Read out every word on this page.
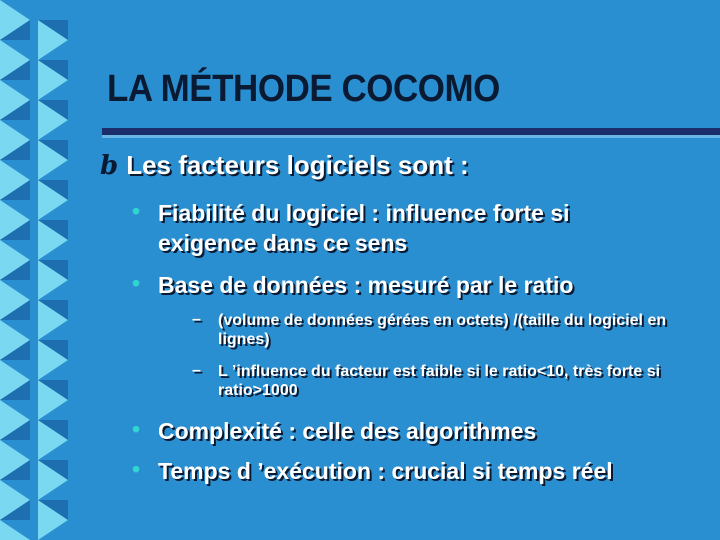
LA MÉTHODE COCOMO
b Les facteurs logiciels sont :
• Fiabilité du logiciel : influence forte si exigence dans ce sens
• Base de données : mesuré par le ratio
–	(volume de données gérées en octets) /(taille du logiciel en lignes)
–	L ’influence du facteur est faible si le ratio<10, très forte si ratio>1000
• Complexité : celle des algorithmes
• Temps d ’exécution : crucial si temps réel
